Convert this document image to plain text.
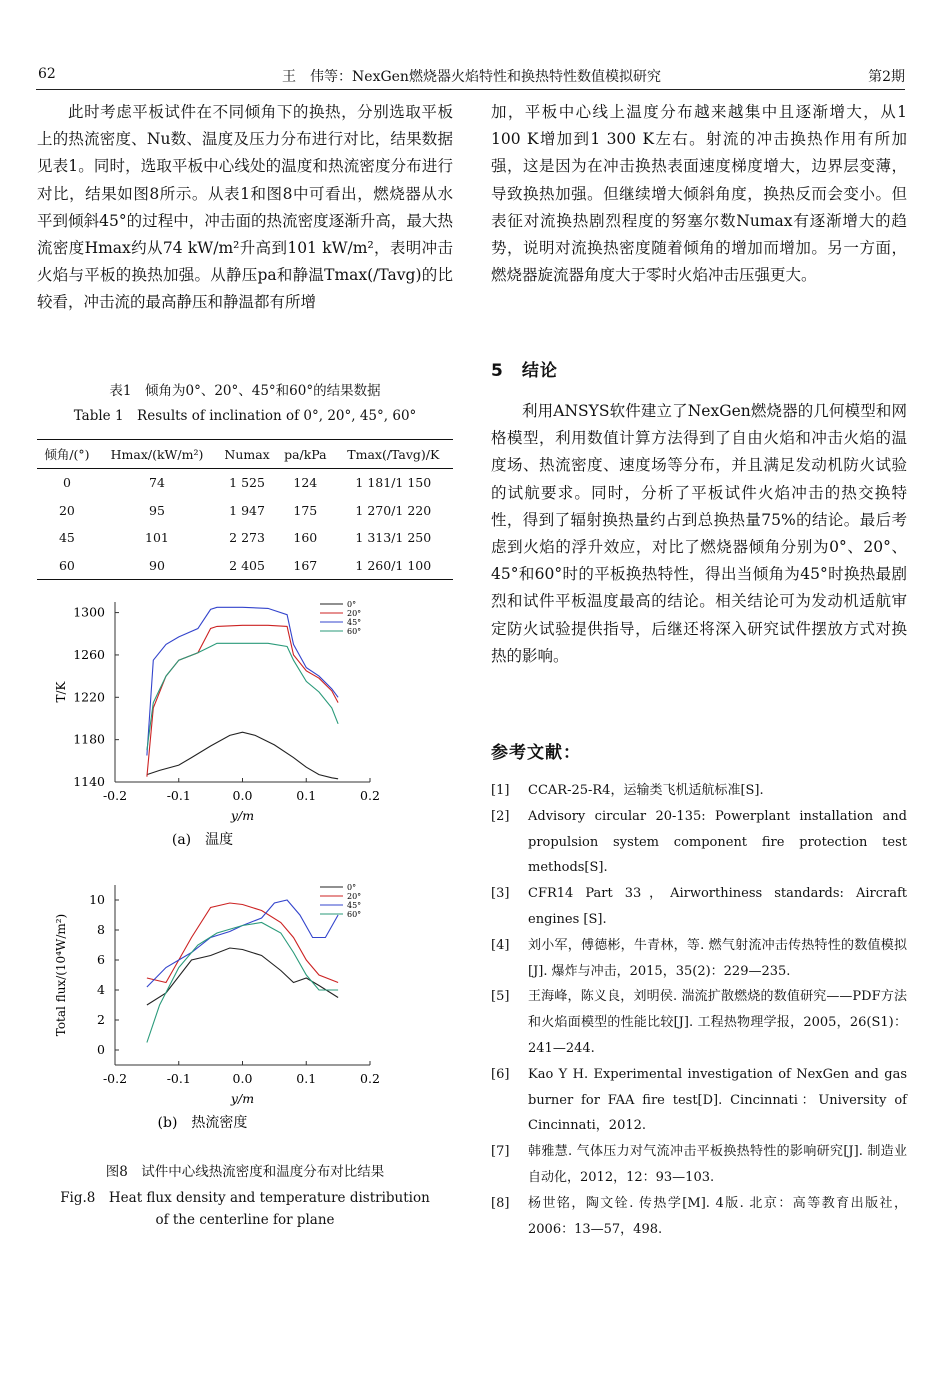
62	王　伟等：NexGen燃烧器火焰特性和换热特性数值模拟研究	第2期

此时考虑平板试件在不同倾角下的换热，分别选取平板上的热流密度、Nu数、温度及压力分布进行对比，结果数据见表1。同时，选取平板中心线处的温度和热流密度分布进行对比，结果如图8所示。从表1和图8中可看出，燃烧器从水平到倾斜45°的过程中，冲击面的热流密度逐渐升高，最大热流密度Hmax约从74 kW/m²升高到101 kW/m²，表明冲击火焰与平板的换热加强。从静压pa和静温Tmax(/Tavg)的比较看，冲击流的最高静压和静温都有所增

表1　倾角为0°、20°、45°和60°的结果数据
Table 1　Results of inclination of 0°, 20°, 45°, 60°
倾角/(°)	Hmax/(kW/m²)	Numax	pa/kPa	Tmax(/Tavg)/K
0	74	1 525	124	1 181/1 150
20	95	1 947	175	1 270/1 220
45	101	2 273	160	1 313/1 250
60	90	2 405	167	1 260/1 100
-0.2	-0.1	0.0	0.1	0.2
1140
1180
1220
1260
1300
y/m
T/K
0°
20°
45°
60°
(a)　温度
-0.2	-0.1	0.0	0.1	0.2
0
2
4
6
8
10
y/m
Total flux/(10⁴W/m²)
0°
20°
45°
60°
(b)　热流密度
图8　试件中心线热流密度和温度分布对比结果
Fig.8　Heat flux density and temperature distribution
of the centerline for plane

加，平板中心线上温度分布越来越集中且逐渐增大，从1 100 K增加到1 300 K左右。射流的冲击换热作用有所加强，这是因为在冲击换热表面速度梯度增大，边界层变薄，导致换热加强。但继续增大倾斜角度，换热反而会变小。但表征对流换热剧烈程度的努塞尔数Numax有逐渐增大的趋势，说明对流换热密度随着倾角的增加而增加。另一方面，燃烧器旋流器角度大于零时火焰冲击压强更大。

5　结论

利用ANSYS软件建立了NexGen燃烧器的几何模型和网格模型，利用数值计算方法得到了自由火焰和冲击火焰的温度场、热流密度、速度场等分布，并且满足发动机防火试验的试航要求。同时，分析了平板试件火焰冲击的热交换特性，得到了辐射换热量约占到总换热量75%的结论。最后考虑到火焰的浮升效应，对比了燃烧器倾角分别为0°、20°、45°和60°时的平板换热特性，得出当倾角为45°时换热最剧烈和试件平板温度最高的结论。相关结论可为发动机适航审定防火试验提供指导，后继还将深入研究试件摆放方式对换热的影响。

参考文献：
[1]	CCAR-25-R4，运输类飞机适航标准[S].
[2]	Advisory circular 20-135: Powerplant installation and propulsion system component fire protection test methods[S].
[3]	CFR14 Part 33，Airworthiness standards: Aircraft engines [S].
[4]	刘小军，傅德彬，牛青林，等. 燃气射流冲击传热特性的数值模拟[J]. 爆炸与冲击，2015，35(2)：229—235.
[5]	王海峰，陈义良，刘明侯. 湍流扩散燃烧的数值研究——PDF方法和火焰面模型的性能比较[J]. 工程热物理学报，2005，26(S1)：241—244.
[6]	Kao Y H. Experimental investigation of NexGen and gas burner for FAA fire test[D]. Cincinnati：University of Cincinnati，2012.
[7]	韩雅慧. 气体压力对气流冲击平板换热特性的影响研究[J]. 制造业自动化，2012，12：93—103.
[8]	杨世铭，陶文铨. 传热学[M]. 4版. 北京：高等教育出版社，2006：13—57，498.
